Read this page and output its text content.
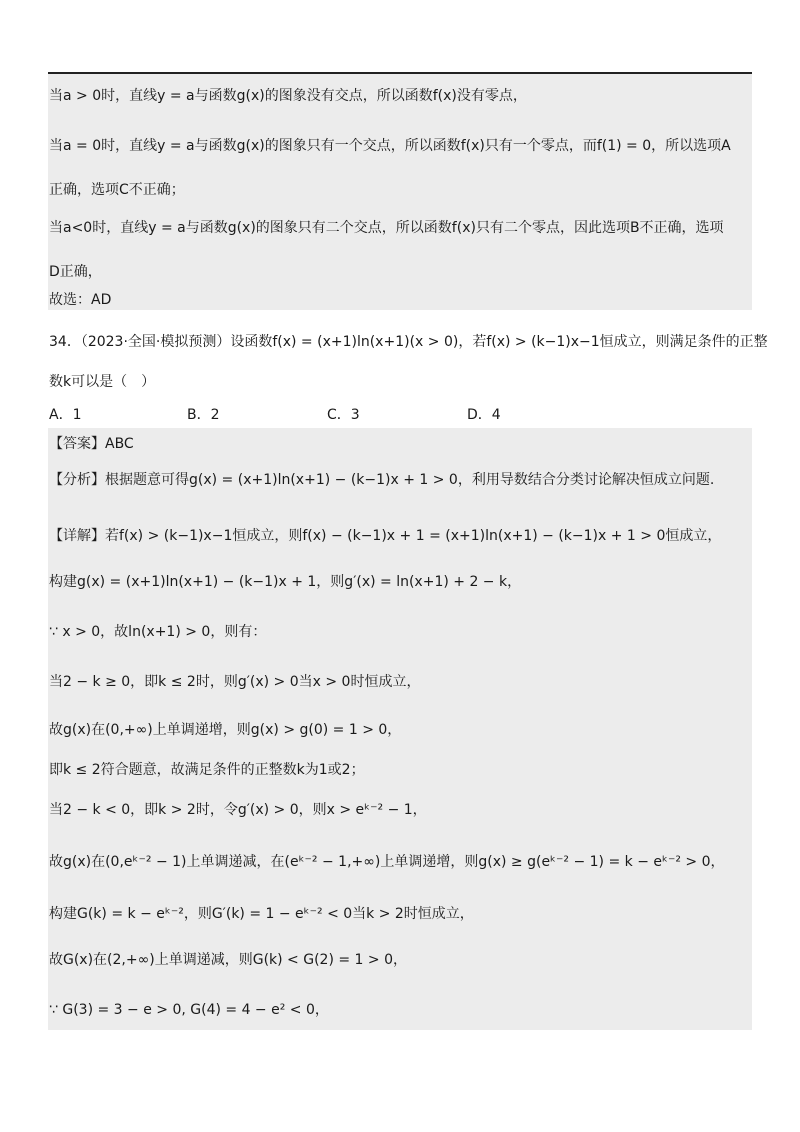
当a > 0时，直线y = a与函数g(x)的图象没有交点，所以函数f(x)没有零点，
当a = 0时，直线y = a与函数g(x)的图象只有一个交点，所以函数f(x)只有一个零点，而f(1) = 0，所以选项A
正确，选项C不正确；
当a<0时，直线y = a与函数g(x)的图象只有二个交点，所以函数f(x)只有二个零点，因此选项B不正确，选项
D正确，
故选：AD
34．（2023·全国·模拟预测）设函数f(x) = (x+1)ln(x+1)(x > 0)，若f(x) > (k−1)x−1恒成立，则满足条件的正整
数k可以是（　）
A．1	B．2	C．3	D．4
【答案】ABC
【分析】根据题意可得g(x) = (x+1)ln(x+1) − (k−1)x + 1 > 0，利用导数结合分类讨论解决恒成立问题.
【详解】若f(x) > (k−1)x−1恒成立，则f(x) − (k−1)x + 1 = (x+1)ln(x+1) − (k−1)x + 1 > 0恒成立，
构建g(x) = (x+1)ln(x+1) − (k−1)x + 1，则g′(x) = ln(x+1) + 2 − k，
∵ x > 0，故ln(x+1) > 0，则有：
当2 − k ≥ 0，即k ≤ 2时，则g′(x) > 0当x > 0时恒成立，
故g(x)在(0,+∞)上单调递增，则g(x) > g(0) = 1 > 0，
即k ≤ 2符合题意，故满足条件的正整数k为1或2；
当2 − k < 0，即k > 2时，令g′(x) > 0，则x > eᵏ⁻² − 1，
故g(x)在(0,eᵏ⁻² − 1)上单调递减，在(eᵏ⁻² − 1,+∞)上单调递增，则g(x) ≥ g(eᵏ⁻² − 1) = k − eᵏ⁻² > 0，
构建G(k) = k − eᵏ⁻²，则G′(k) = 1 − eᵏ⁻² < 0当k > 2时恒成立，
故G(x)在(2,+∞)上单调递减，则G(k) < G(2) = 1 > 0，
∵ G(3) = 3 − e > 0, G(4) = 4 − e² < 0，
